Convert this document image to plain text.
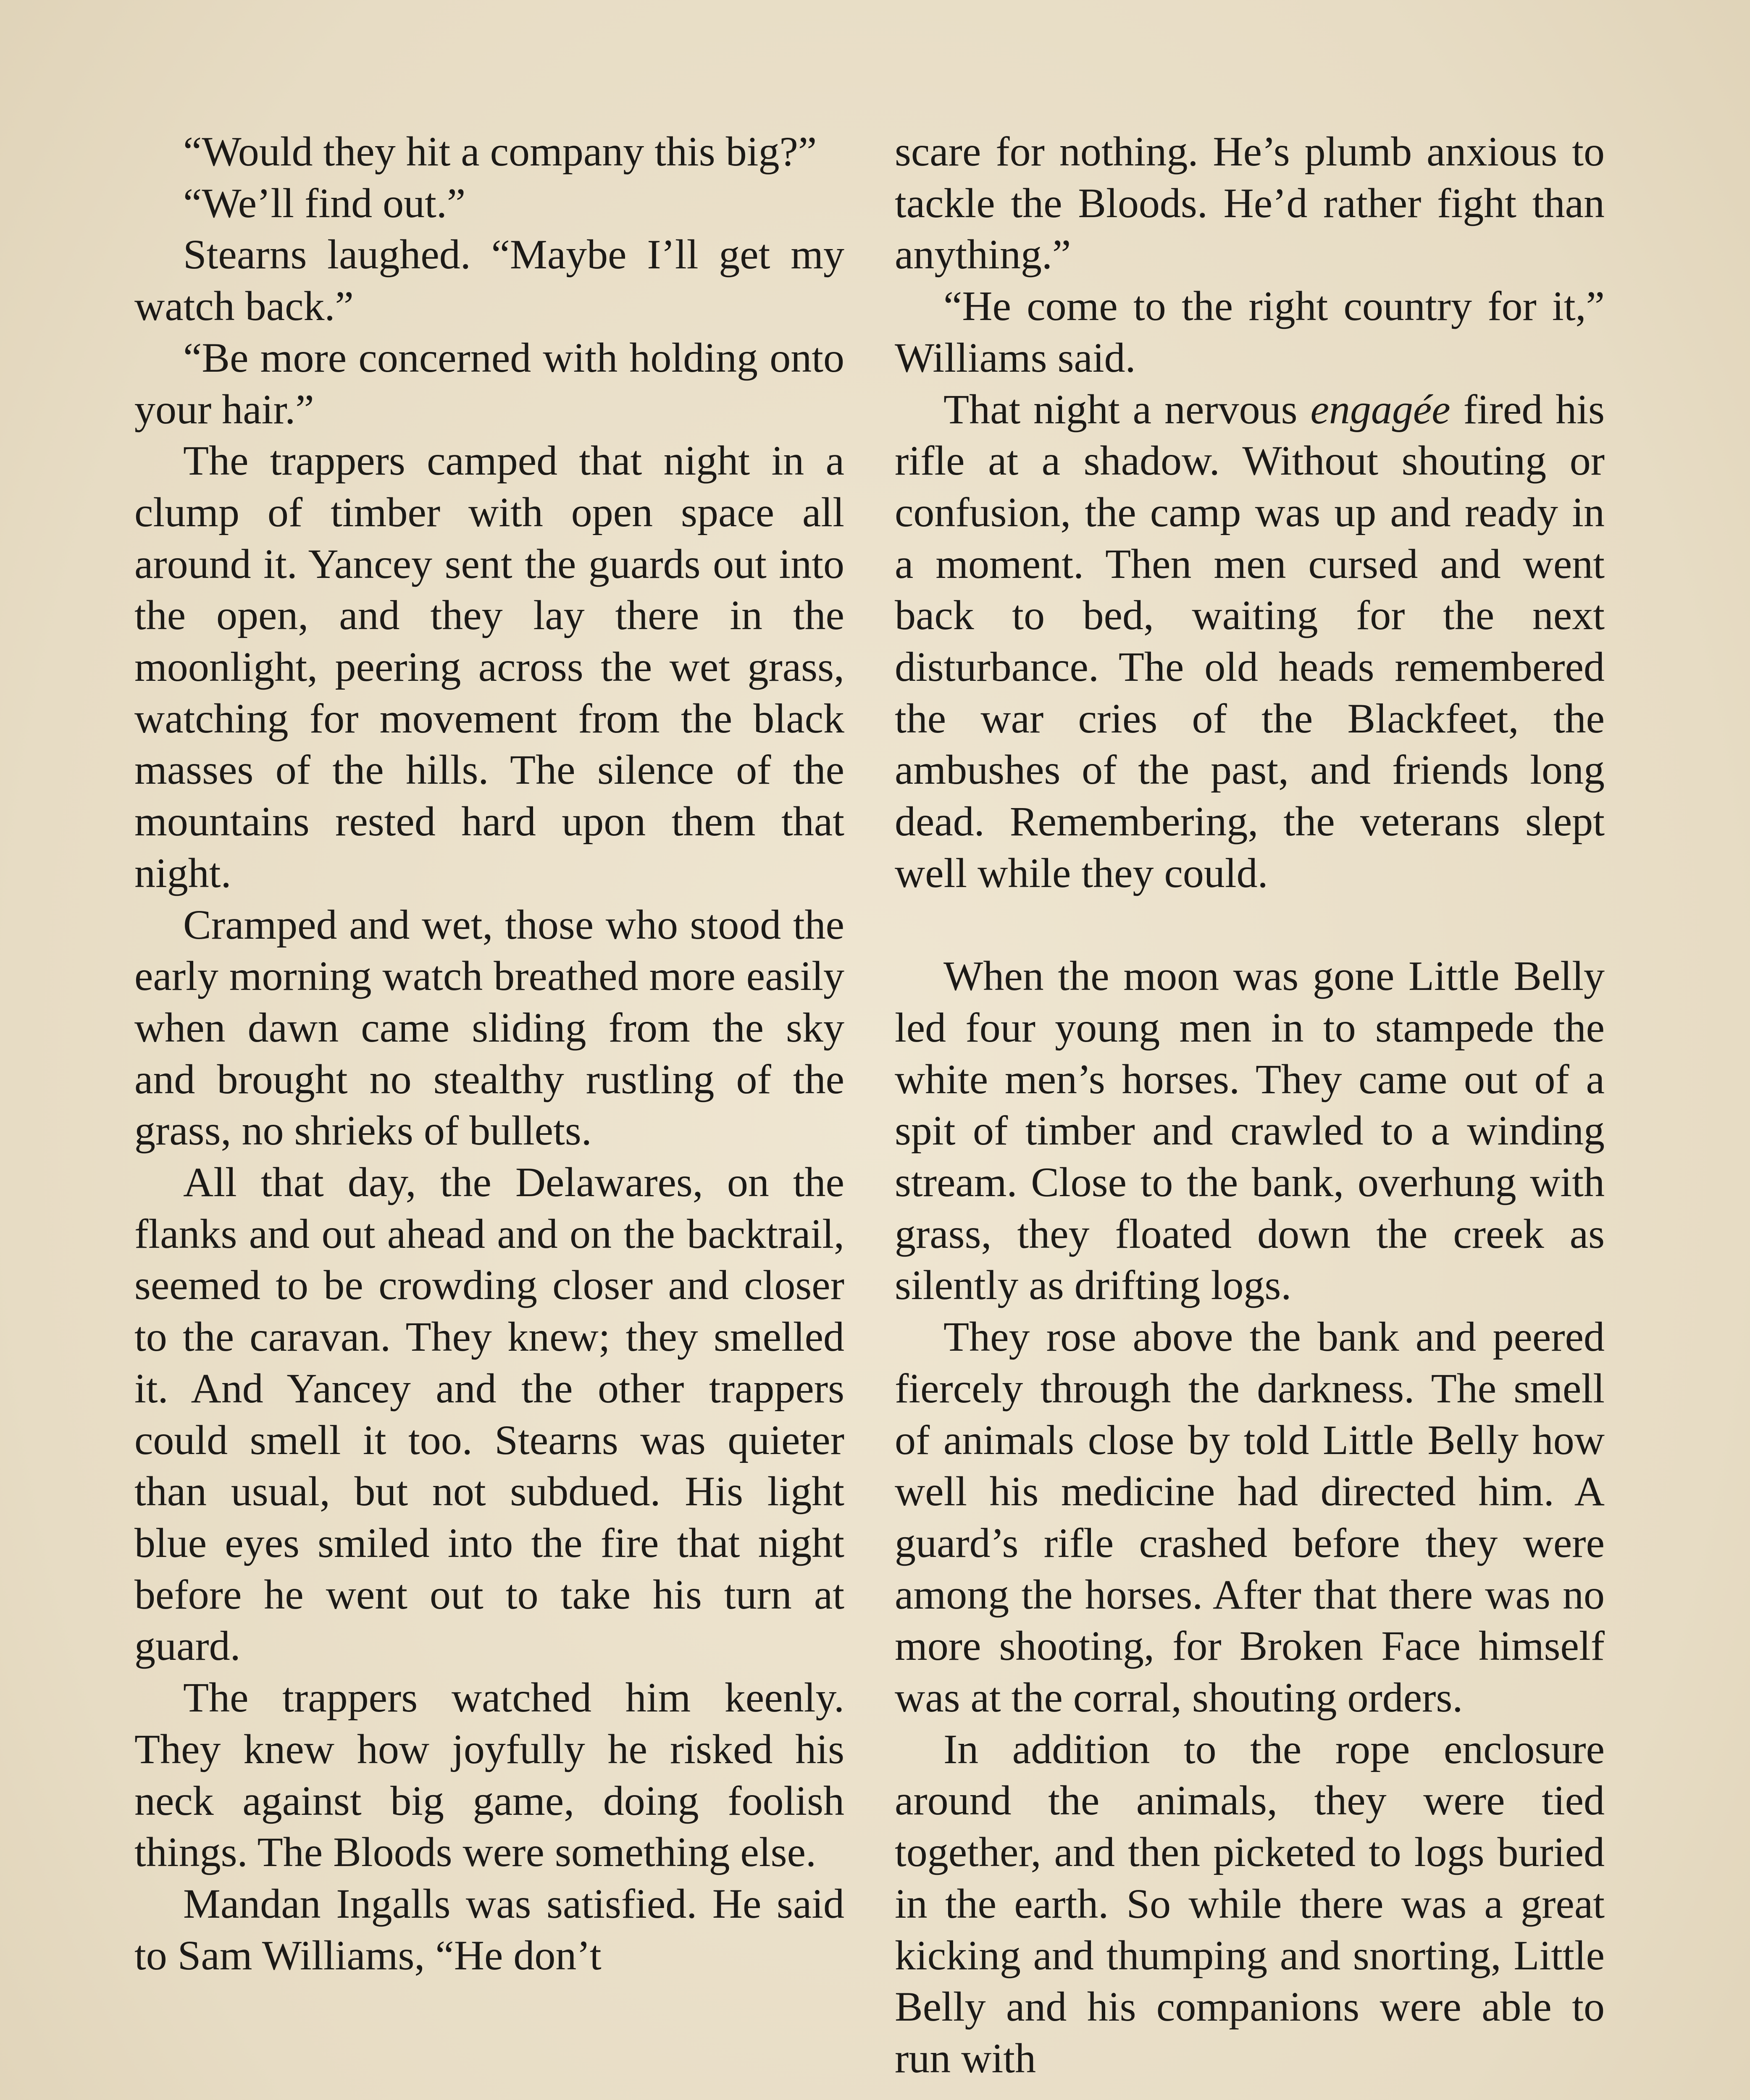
“Would they hit a company this big?”

“We’ll find out.”

Stearns laughed. “Maybe I’ll get my watch back.”

“Be more concerned with holding onto your hair.”

The trappers camped that night in a clump of timber with open space all around it. Yancey sent the guards out into the open, and they lay there in the moonlight, peering across the wet grass, watching for movement from the black masses of the hills. The silence of the mountains rested hard upon them that night.

Cramped and wet, those who stood the early morning watch breathed more easily when dawn came sliding from the sky and brought no stealthy rustling of the grass, no shrieks of bullets.

All that day, the Delawares, on the flanks and out ahead and on the backtrail, seemed to be crowding closer and closer to the caravan. They knew; they smelled it. And Yancey and the other trappers could smell it too. Stearns was quieter than usual, but not subdued. His light blue eyes smiled into the fire that night before he went out to take his turn at guard.

The trappers watched him keenly. They knew how joyfully he risked his neck against big game, doing foolish things. The Bloods were something else.

Mandan Ingalls was satisfied. He said to Sam Williams, “He don’t

scare for nothing. He’s plumb anxious to tackle the Bloods. He’d rather fight than anything.”

“He come to the right country for it,” Williams said.

That night a nervous engagée fired his rifle at a shadow. Without shouting or confusion, the camp was up and ready in a moment. Then men cursed and went back to bed, waiting for the next disturbance. The old heads remembered the war cries of the Blackfeet, the ambushes of the past, and friends long dead. Remembering, the veterans slept well while they could.

When the moon was gone Little Belly led four young men in to stampede the white men’s horses. They came out of a spit of timber and crawled to a winding stream. Close to the bank, overhung with grass, they floated down the creek as silently as drifting logs.

They rose above the bank and peered fiercely through the darkness. The smell of animals close by told Little Belly how well his medicine had directed him. A guard’s rifle crashed before they were among the horses. After that there was no more shooting, for Broken Face himself was at the corral, shouting orders.

In addition to the rope enclosure around the animals, they were tied together, and then picketed to logs buried in the earth. So while there was a great kicking and thumping and snorting, Little Belly and his companions were able to run with
